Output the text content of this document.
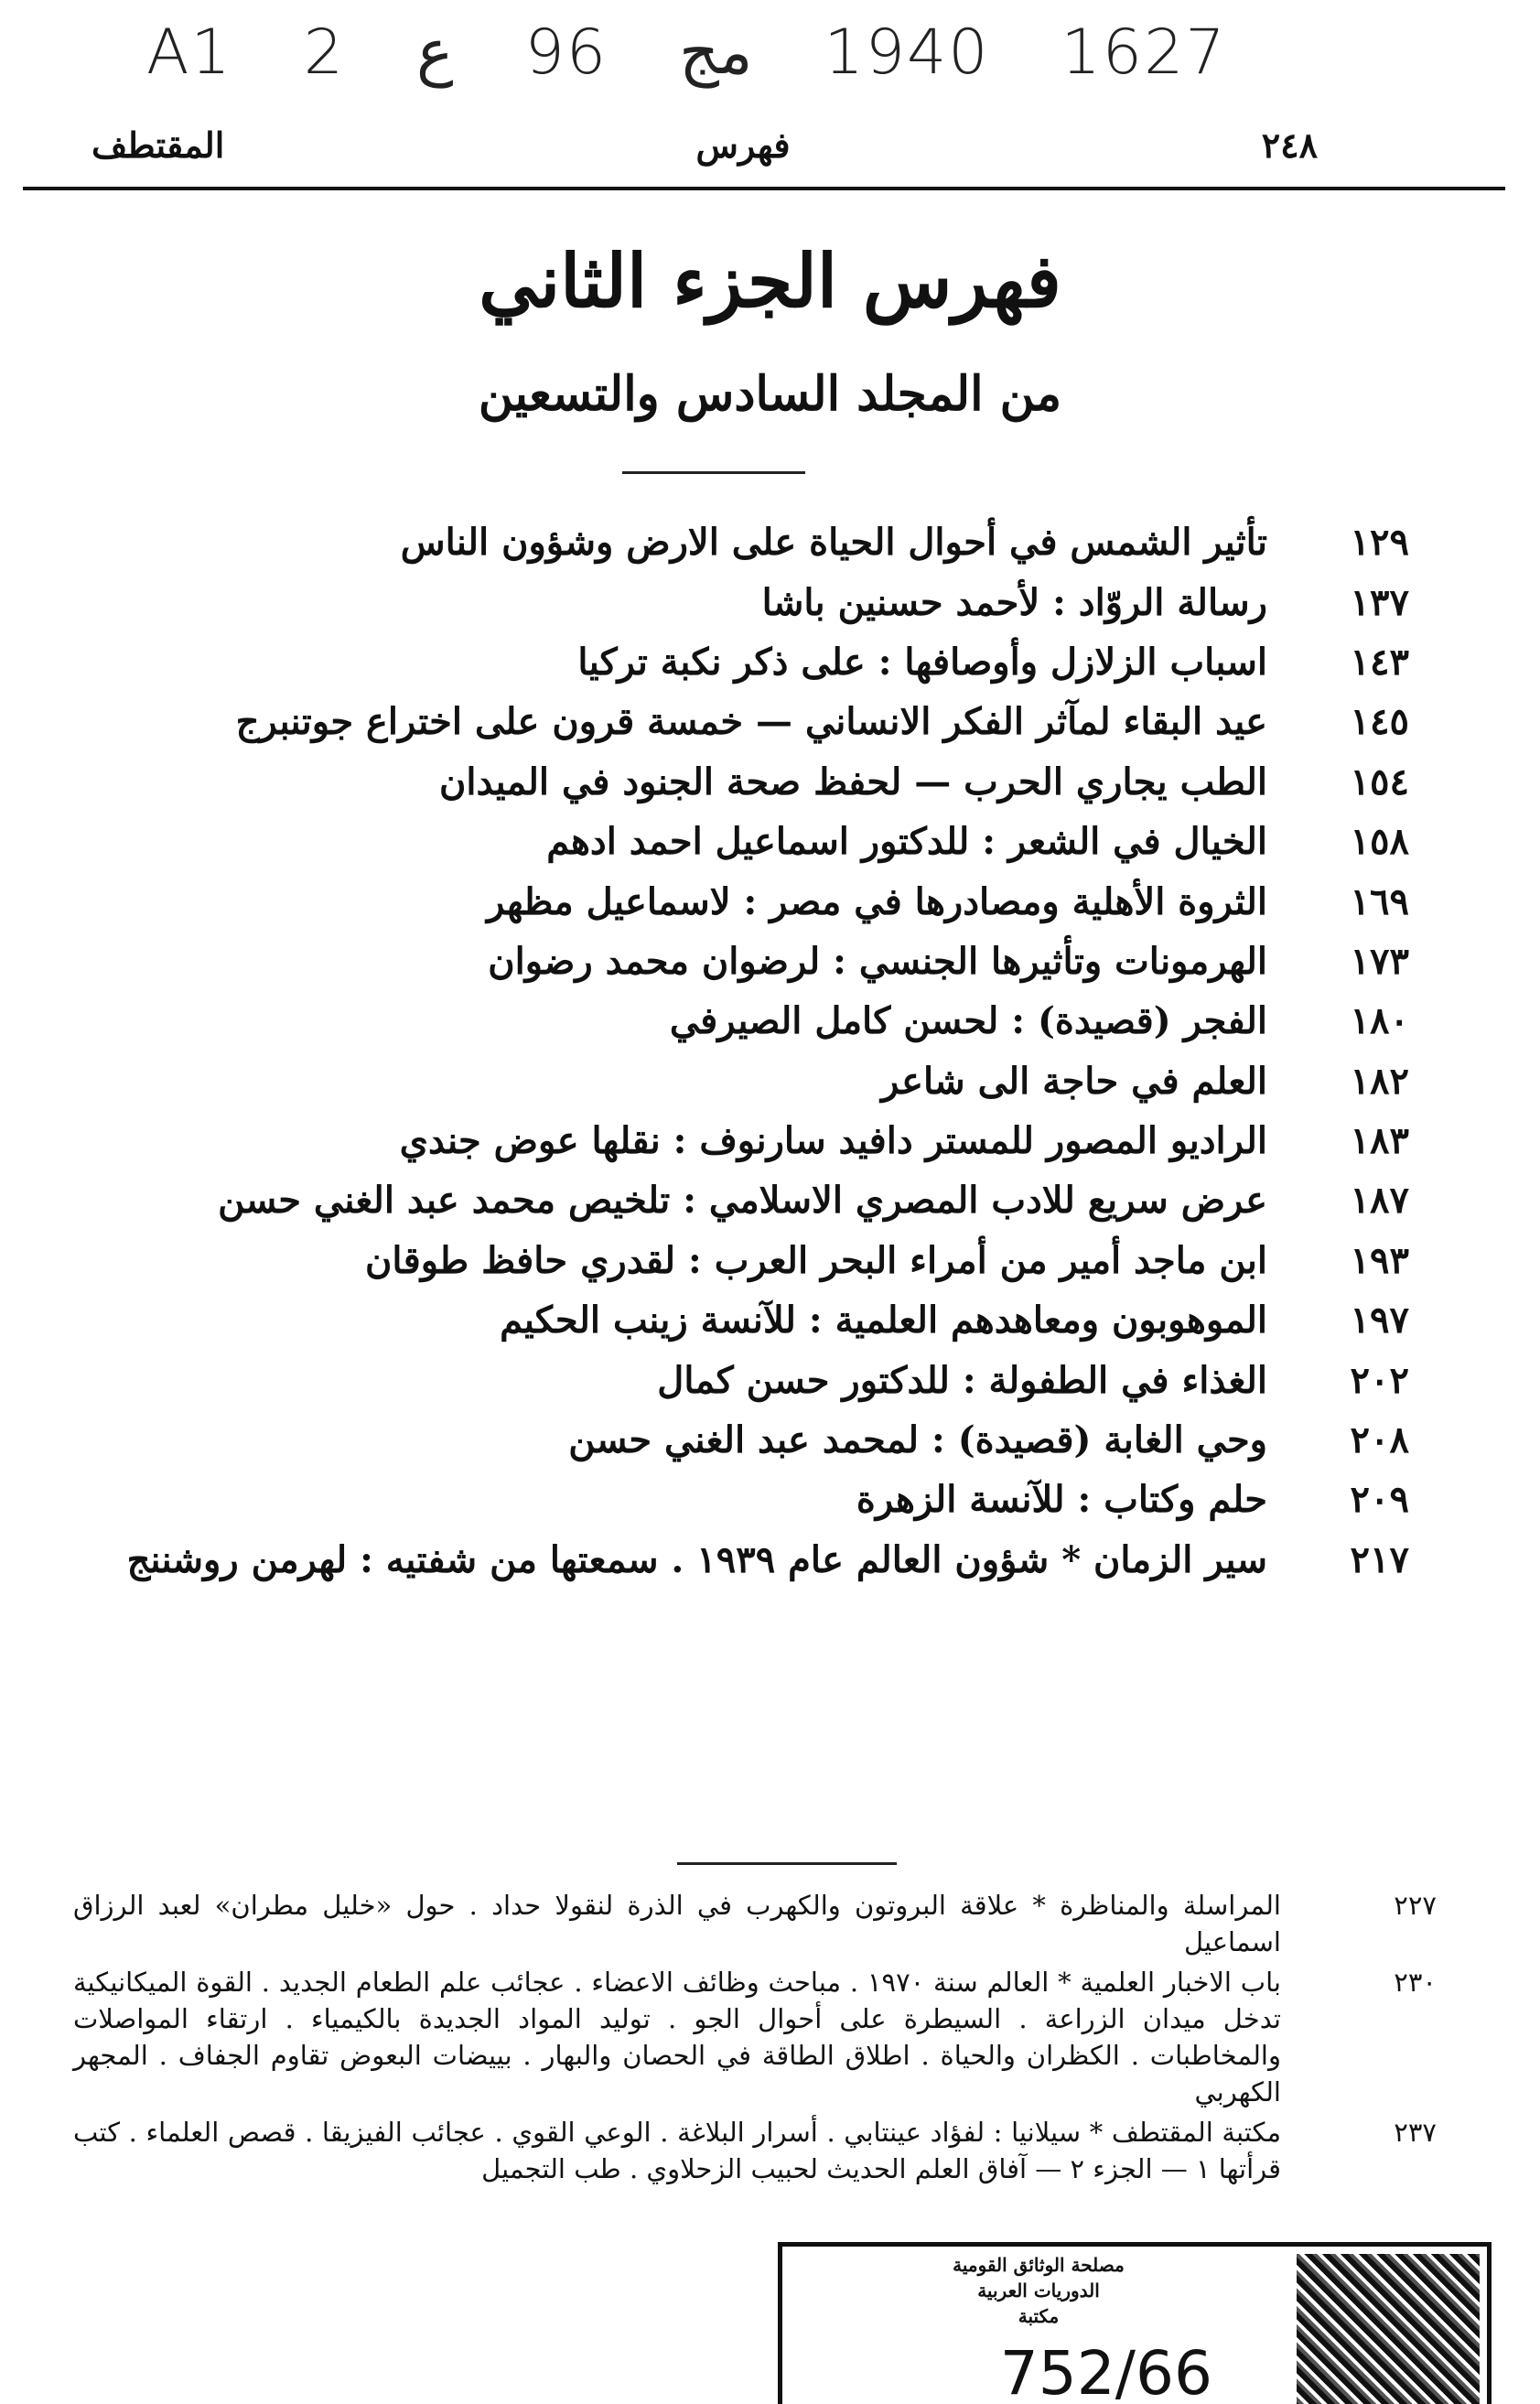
A1 2 ع 96 مج 1940 1627
٢٤٨
فهرس
المقتطف
فهرس الجزء الثاني
من المجلد السادس والتسعين
١٢٩
تأثير الشمس في أحوال الحياة على الارض وشؤون الناس
١٣٧
رسالة الروّاد : لأحمد حسنين باشا
١٤٣
اسباب الزلازل وأوصافها : على ذكر نكبة تركيا
١٤٥
عيد البقاء لمآثر الفكر الانساني — خمسة قرون على اختراع جوتنبرج
١٥٤
الطب يجاري الحرب — لحفظ صحة الجنود في الميدان
١٥٨
الخيال في الشعر : للدكتور اسماعيل احمد ادهم
١٦٩
الثروة الأهلية ومصادرها في مصر : لاسماعيل مظهر
١٧٣
الهرمونات وتأثيرها الجنسي : لرضوان محمد رضوان
١٨٠
الفجر (قصيدة) : لحسن كامل الصيرفي
١٨٢
العلم في حاجة الى شاعر
١٨٣
الراديو المصور للمستر دافيد سارنوف : نقلها عوض جندي
١٨٧
عرض سريع للادب المصري الاسلامي : تلخيص محمد عبد الغني حسن
١٩٣
ابن ماجد أمير من أمراء البحر العرب : لقدري حافظ طوقان
١٩٧
الموهوبون ومعاهدهم العلمية : للآنسة زينب الحكيم
٢٠٢
الغذاء في الطفولة : للدكتور حسن كمال
٢٠٨
وحي الغابة (قصيدة) : لمحمد عبد الغني حسن
٢٠٩
حلم وكتاب : للآنسة الزهرة
٢١٧
سير الزمان * شؤون العالم عام ١٩٣٩ . سمعتها من شفتيه : لهرمن روشننج
٢٢٧
المراسلة والمناظرة * علاقة البروتون والكهرب في الذرة لنقولا حداد . حول «خليل مطران» لعبد الرزاق اسماعيل
٢٣٠
باب الاخبار العلمية * العالم سنة ١٩٧٠ . مباحث وظائف الاعضاء . عجائب علم الطعام الجديد . القوة الميكانيكية تدخل ميدان الزراعة . السيطرة على أحوال الجو . توليد المواد الجديدة بالكيمياء . ارتقاء المواصلات والمخاطبات . الكظران والحياة . اطلاق الطاقة في الحصان والبهار . بييضات البعوض تقاوم الجفاف . المجهر الكهربي
٢٣٧
مكتبة المقتطف * سيلانيا : لفؤاد عينتابي . أسرار البلاغة . الوعي القوي . عجائب الفيزيقا . قصص العلماء . كتب قرأتها ١ — الجزء ٢ — آفاق العلم الحديث لحبيب الزحلاوي . طب التجميل
مصلحة الوثائق القومية
الدوريات العربية
مكتبة
752/66
